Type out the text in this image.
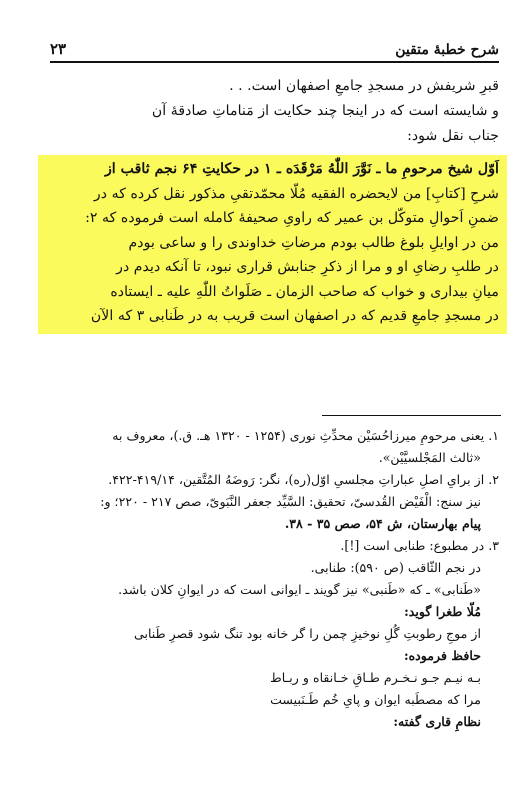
شرح خطبهٔ متقین
۲۳

قبرِ شریفش در مسجدِ جامعِ اصفهان است. . .

و شایسته است که در اینجا چند حکایت از مَناماتِ صادقهٔ آن

جناب نقل شود:

اَوّل شیخ مرحومِ ما ـ نَوَّرَ اللّٰهُ مَرْقَدَه ـ ۱ در حکایتِ ۶۴ نجم ثاقب از

شرحِ [کتابِ] من لایحضره الفقیه مُلّا محمّدتقیِ مذکور نقل کرده که در

ضمنِ اَحوالِ متوکّل بن عمیر که راویِ صحیفهٔ کامله است فرموده که ۲:

من در اوایلِ بلوغ طالب بودم مرضاتِ خداوندی را و ساعی بودم

در طلبِ رضایِ او و مرا از ذکرِ جنابش قراری نبود، تا آنکه دیدم در

میانِ بیداری و خواب که صاحب الزمان ـ صَلَواتُ اللّٰهِ علیه ـ ایستاده

در مسجدِ جامعِ قدیم که در اصفهان است قریب به در طَنابی ۳ که الآن

۱. یعنی مرحومِ میرزاحُسَیْن محدِّثِ نوری (۱۲۵۴ - ۱۳۲۰ هـ. ق.)، معروف به

«ثالث المَجْلسیَّیْن».

۲. از برایِ اصلِ عباراتِ مجلسیِ اوّل(ره)، نگر: رَوضَهُ المُتَّقین، ۴۱۹/۱۴-۴۲۲.

نیز سنج: الْفَیْض القُدسیّ، تحقیق: السَّیِّد جعفر النَّبَویّ، صص ۲۱۷ - ۲۲۰؛ و:

پیام بهارستان، ش ۵۴، صص ۳۵ - ۳۸.

۳. در مطبوع: طنابی است [!].

در نجم الثّاقب (ص ۵۹۰): طنابی.

«طَنابی» ـ که «طَنبی» نیز گویند ـ ایوانی است که در ایوانِ کلان باشد.

مُلّا طغرا گوید:

از موجِ رطوبتِ گُلِ نوخیزِ چمن را گر خانه بود تنگ شود قصرِ طَنابی

حافظ فرموده:

بـه نیـم جـو نـخـرم طـاقِ خـانقاه و ربـاط

مرا که مصطَبه ایوان و پایِ خُم طَـنَبیست

نظامِ قاری گفته:
